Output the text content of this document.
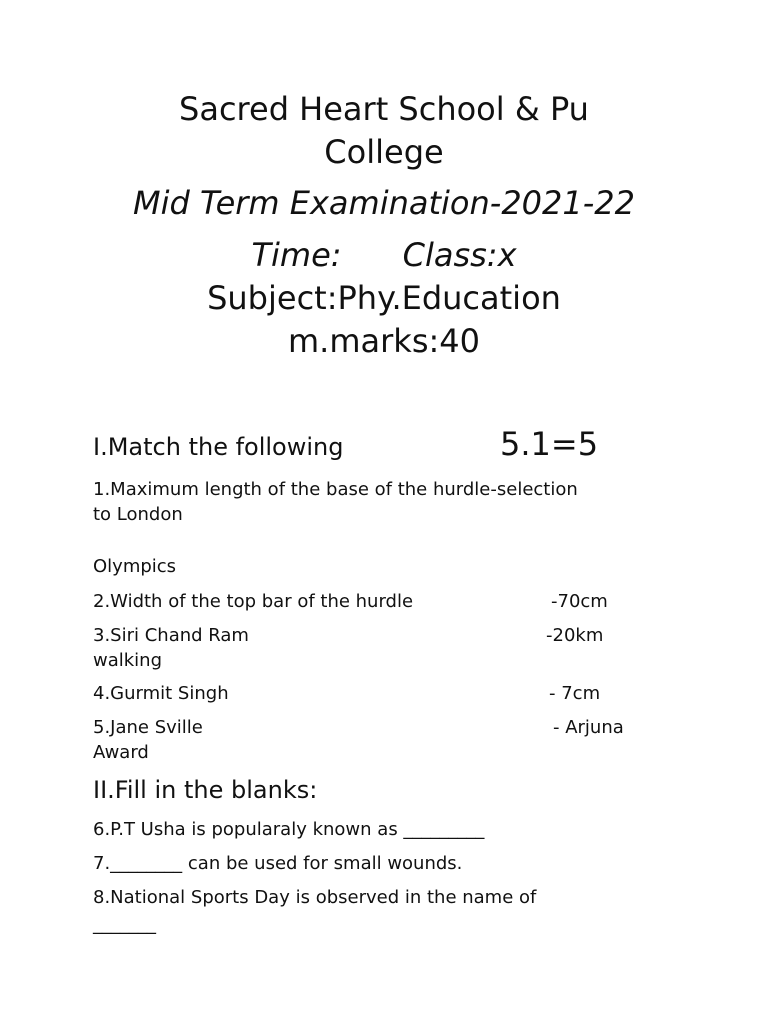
Sacred Heart School & Pu
College
Mid Term Examination-2021-22
Time: Class:x
Subject:Phy.Education
m.marks:40
I.Match the following	5.1=5
1.Maximum length of the base of the hurdle-selection
to London
Olympics
2.Width of the top bar of the hurdle	-70cm
3.Siri Chand Ram	-20km
walking
4.Gurmit Singh	- 7cm
5.Jane Sville	- Arjuna
Award
II.Fill in the blanks:
6.P.T Usha is popularaly known as _________
7.________ can be used for small wounds.
8.National Sports Day is observed in the name of
_______
